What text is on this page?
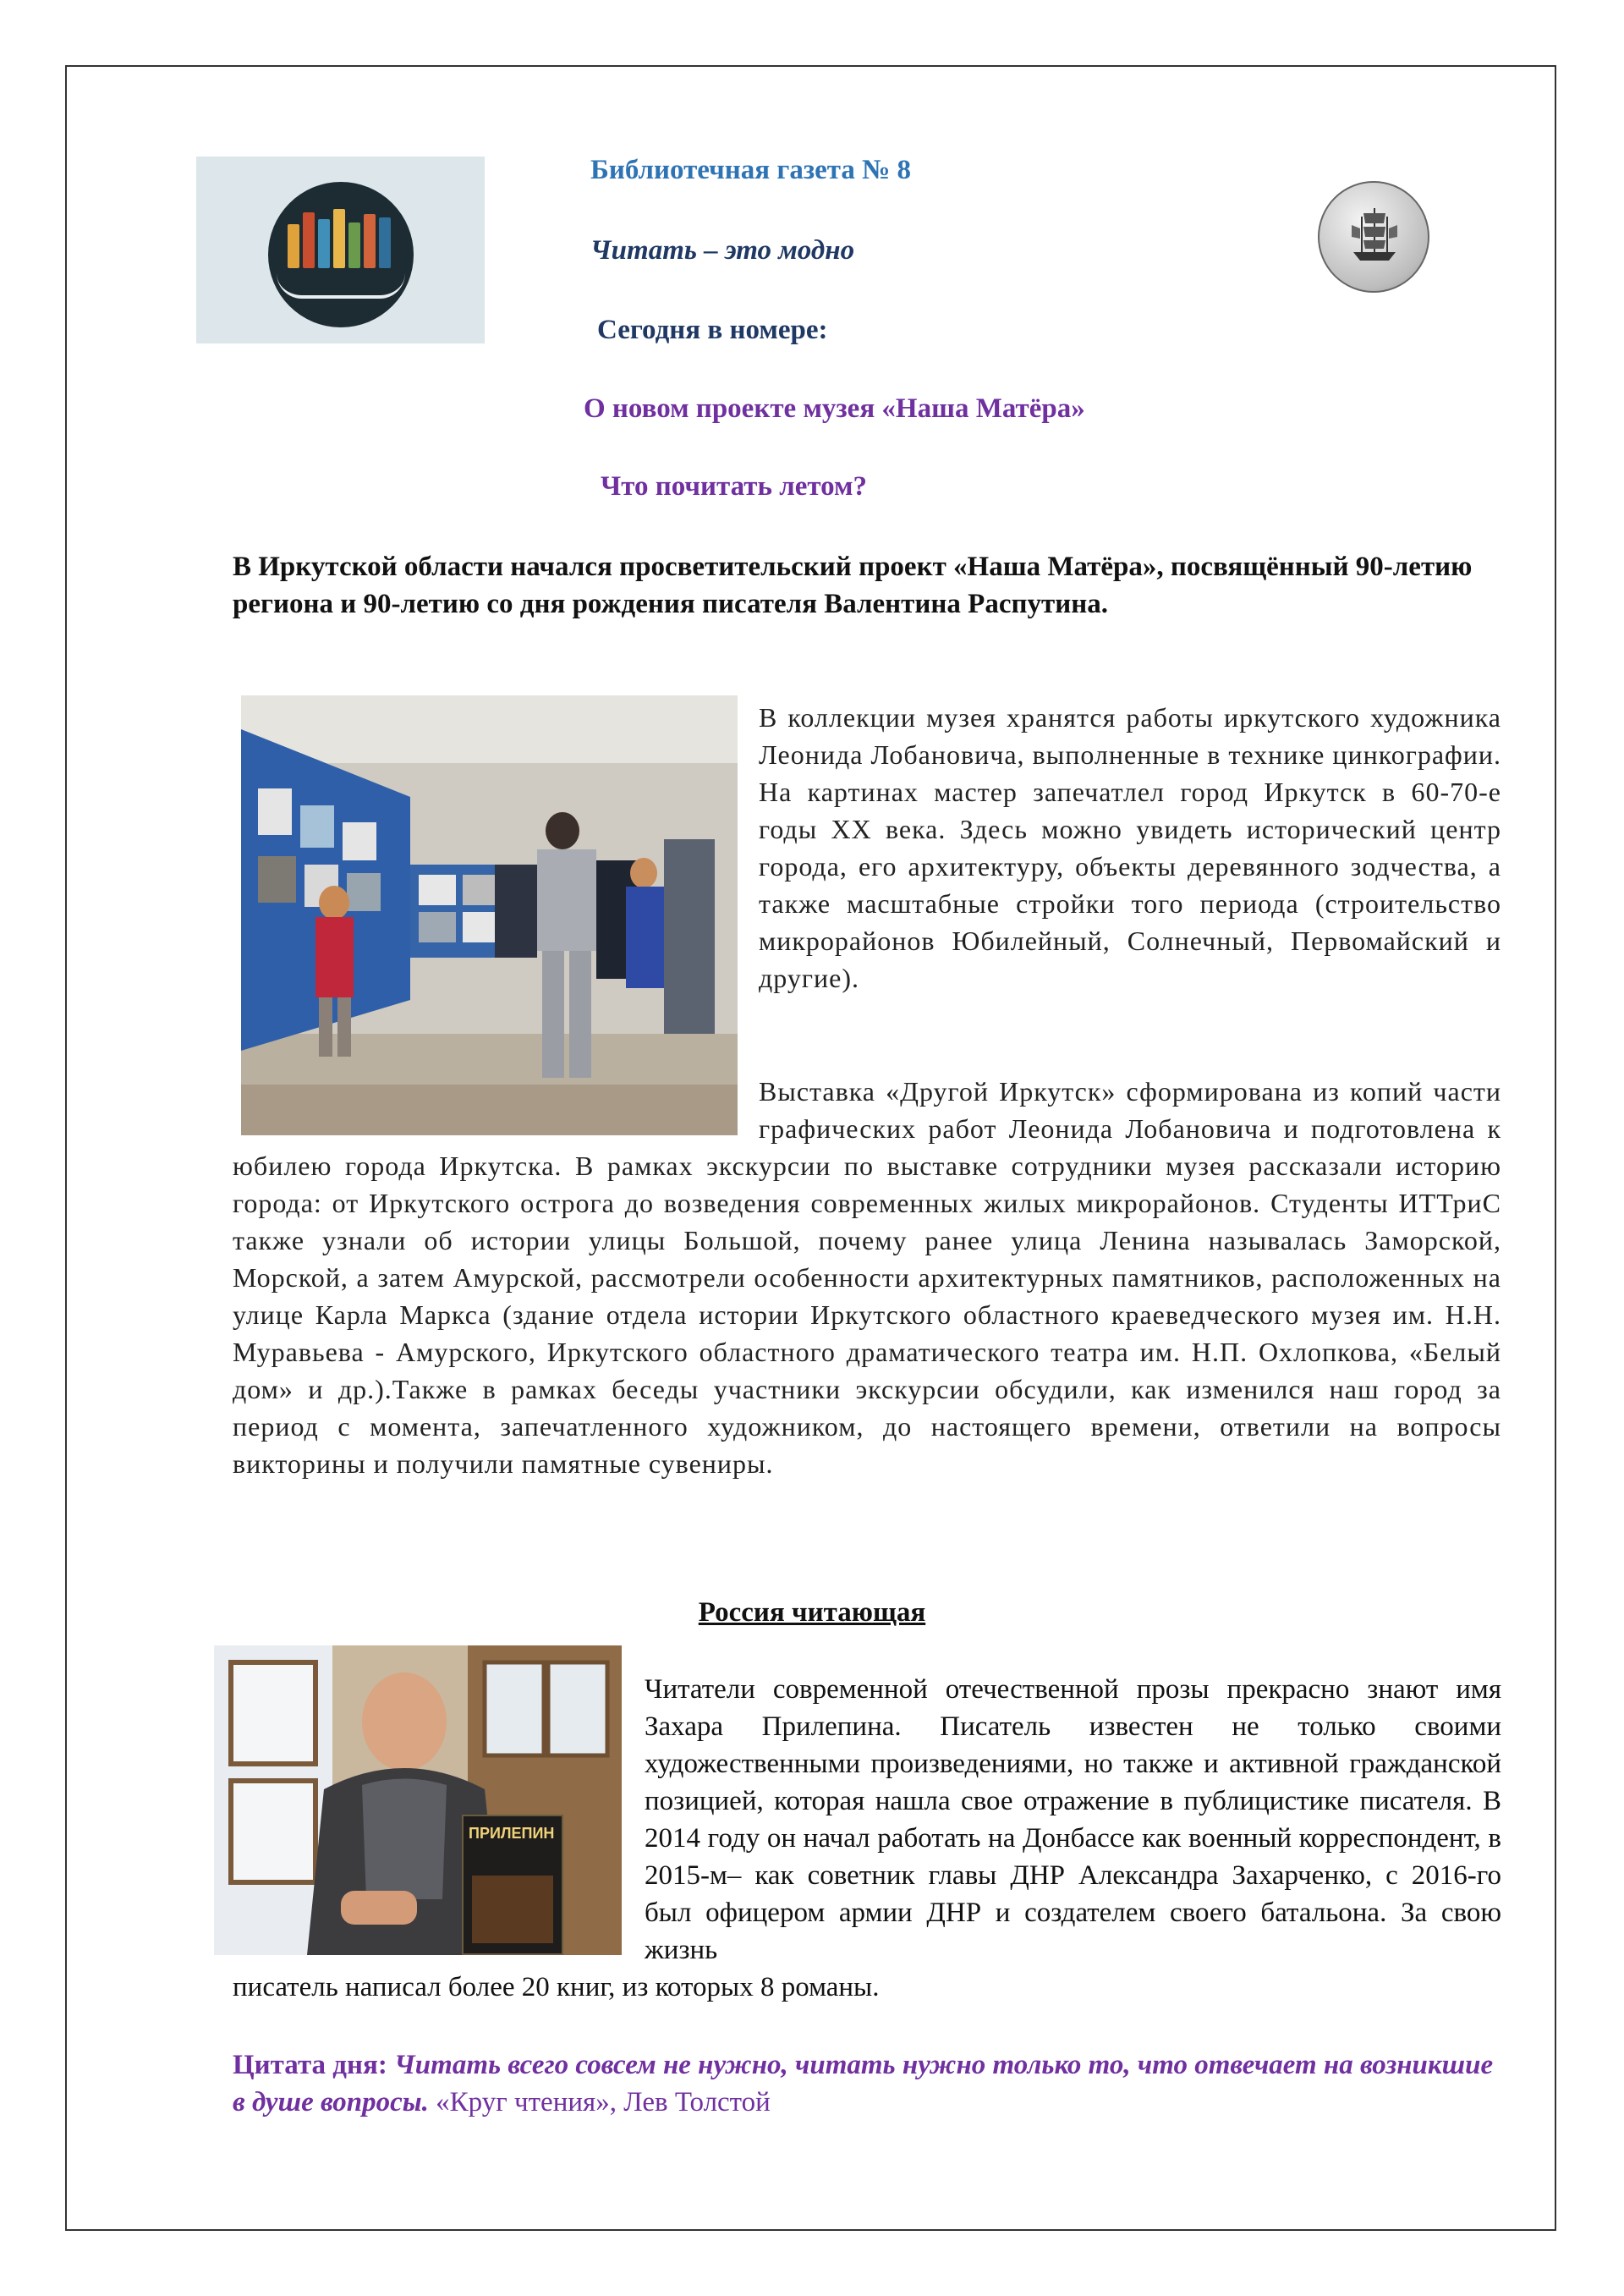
I LIBERARY
Библиотечная газета № 8
Читать – это модно
Сегодня в номере:
О новом проекте музея «Наша Матёра»
Что почитать летом?
В Иркутской области начался просветительский проект «Наша Матёра», посвящённый 90-летию региона и 90-летию со дня рождения писателя Валентина Распутина.
В коллекции музея хранятся работы иркутского художника Леонида Лобановича, выполненные в технике цинкографии. На картинах мастер запечатлел город Иркутск в 60-70-е годы XX века. Здесь можно увидеть исторический центр города, его архитектуру, объекты деревянного зодчества, а также масштабные стройки того периода (строительство микрорайонов Юбилейный, Солнечный, Первомайский и другие).
Выставка «Другой Иркутск» сформирована из копий части графических работ Леонида Лобановича и подготовлена к юбилею города Иркутска. В рамках экскурсии по выставке сотрудники музея рассказали историю города: от Иркутского острога до возведения современных жилых микрорайонов. Студенты ИТТриС также узнали об истории улицы Большой, почему ранее улица Ленина называлась Заморской, Морской, а затем Амурской, рассмотрели особенности архитектурных памятников, расположенных на улице Карла Маркса (здание отдела истории Иркутского областного краеведческого музея им. Н.Н. Муравьева - Амурского, Иркутского областного драматического театра им. Н.П. Охлопкова, «Белый дом» и др.).Также в рамках беседы участники экскурсии обсудили, как изменился наш город за период с момента, запечатленного художником, до настоящего времени, ответили на вопросы викторины и получили памятные сувениры.
Россия читающая
ПРИЛЕПИН
Читатели современной отечественной прозы прекрасно знают имя Захара Прилепина. Писатель известен не только своими художественными произведениями, но также и активной гражданской позицией, которая нашла свое отражение в публицистике писателя. В 2014 году он начал работать на Донбассе как военный корреспондент, в 2015-м– как советник главы ДНР Александра Захарченко, с 2016-го был офицером армии ДНР и создателем своего батальона. За свою жизнь
писатель написал более 20 книг, из которых 8 романы.
Цитата дня: Читать всего совсем не нужно, читать нужно только то, что отвечает на возникшие в душе вопросы. «Круг чтения», Лев Толстой
